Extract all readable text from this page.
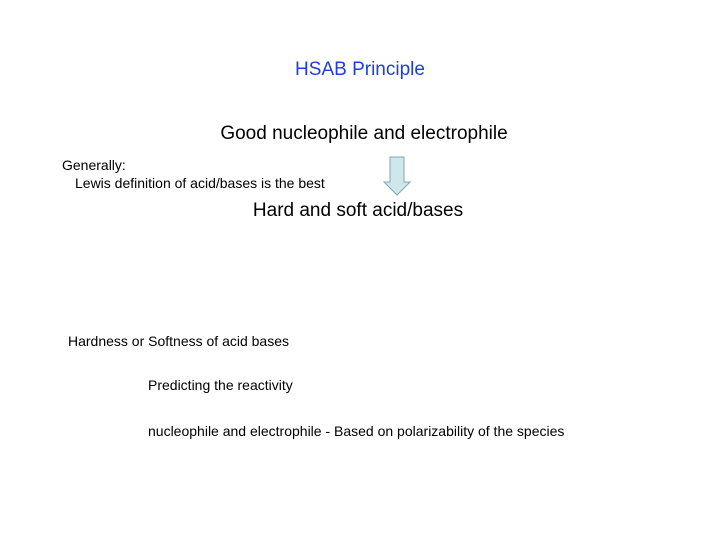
HSAB Principle
Good nucleophile and electrophile
Generally:
Lewis definition of acid/bases is the best
Hard and soft acid/bases
Hardness or Softness of acid bases
Predicting the reactivity
nucleophile and electrophile - Based on polarizability of the species
